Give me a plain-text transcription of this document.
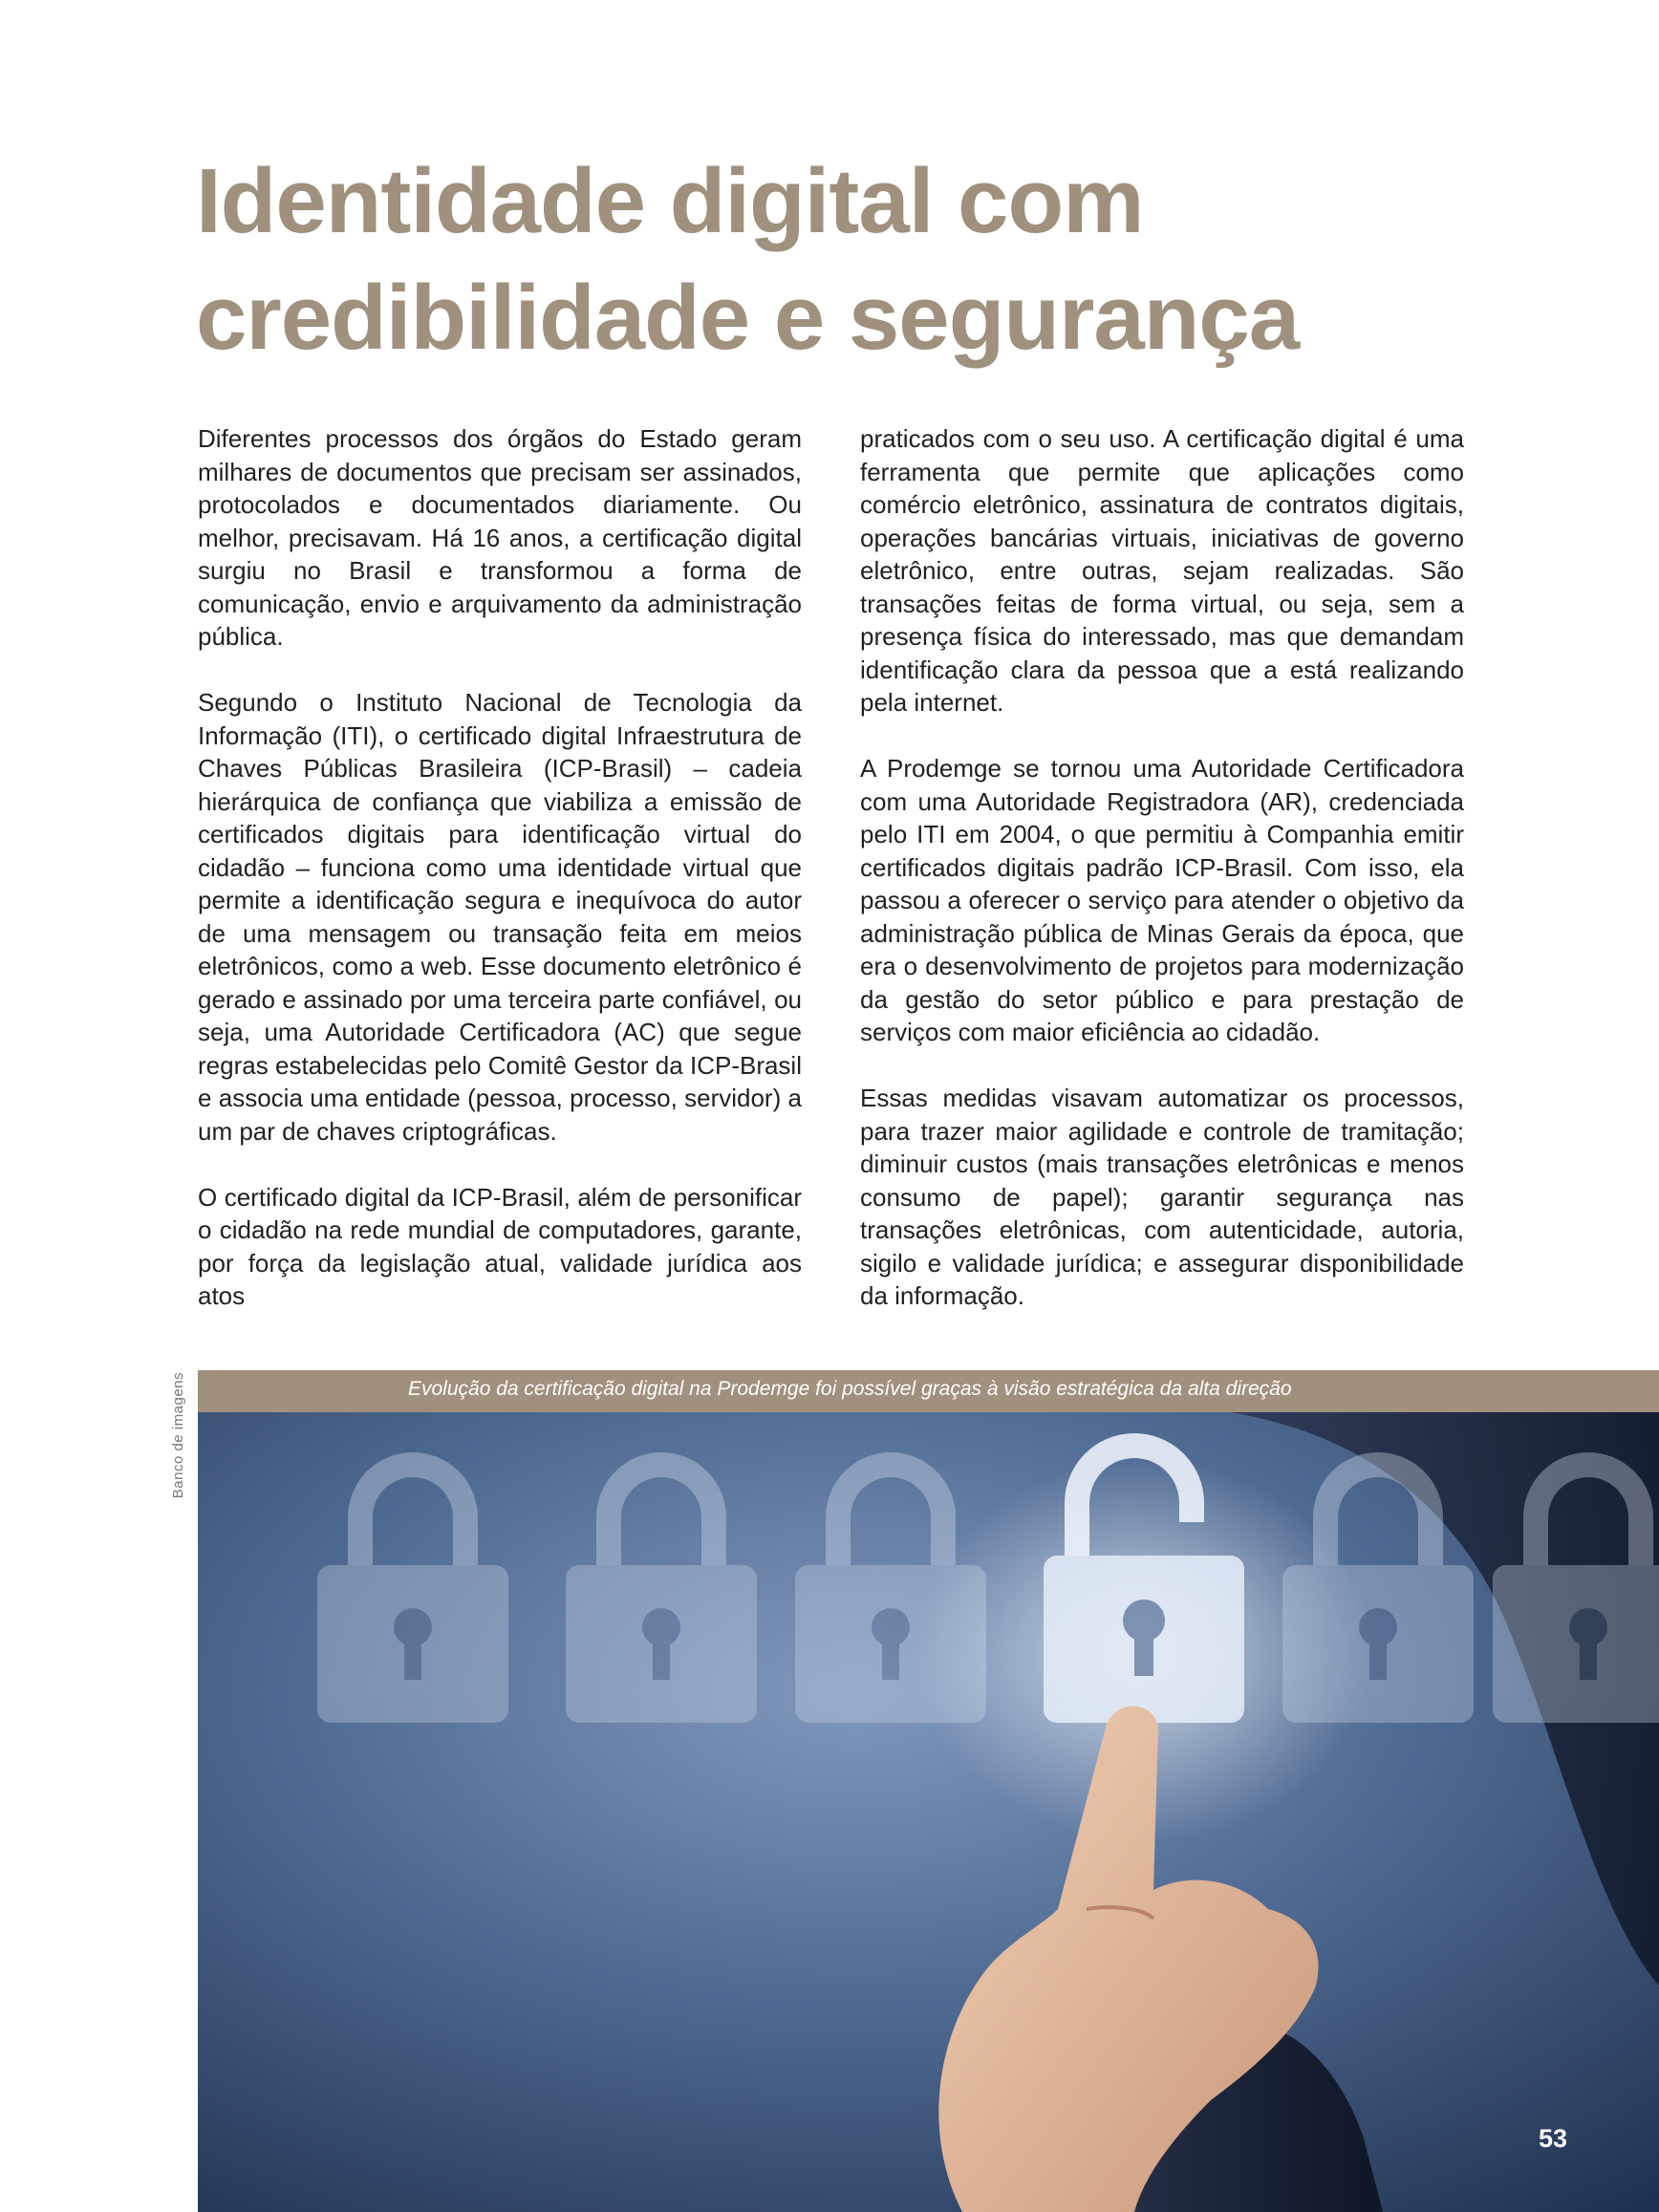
Identidade digital com
credibilidade e segurança

Diferentes processos dos órgãos do Estado geram milhares de documentos que precisam ser assinados, protocolados e documentados diariamente. Ou melhor, precisavam. Há 16 anos, a certificação digital surgiu no Brasil e transformou a forma de comunicação, envio e arquivamento da administração pública.

Segundo o Instituto Nacional de Tecnologia da Informação (ITI), o certificado digital Infraestrutura de Chaves Públicas Brasileira (ICP-Brasil) – cadeia hierárquica de confiança que viabiliza a emissão de certificados digitais para identificação virtual do cidadão – funciona como uma identidade virtual que permite a identificação segura e inequívoca do autor de uma mensagem ou transação feita em meios eletrônicos, como a web. Esse documento eletrônico é gerado e assinado por uma terceira parte confiável, ou seja, uma Autoridade Certificadora (AC) que segue regras estabelecidas pelo Comitê Gestor da ICP-Brasil e associa uma entidade (pessoa, processo, servidor) a um par de chaves criptográficas.

O certificado digital da ICP-Brasil, além de personificar o cidadão na rede mundial de computadores, garante, por força da legislação atual, validade jurídica aos atos

praticados com o seu uso. A certificação digital é uma ferramenta que permite que aplicações como comércio eletrônico, assinatura de contratos digitais, operações bancárias virtuais, iniciativas de governo eletrônico, entre outras, sejam realizadas. São transações feitas de forma virtual, ou seja, sem a presença física do interessado, mas que demandam identificação clara da pessoa que a está realizando pela internet.

A Prodemge se tornou uma Autoridade Certificadora com uma Autoridade Registradora (AR), credenciada pelo ITI em 2004, o que permitiu à Companhia emitir certificados digitais padrão ICP-Brasil. Com isso, ela passou a oferecer o serviço para atender o objetivo da administração pública de Minas Gerais da época, que era o desenvolvimento de projetos para modernização da gestão do setor público e para prestação de serviços com maior eficiência ao cidadão.

Essas medidas visavam automatizar os processos, para trazer maior agilidade e controle de tramitação; diminuir custos (mais transações eletrônicas e menos consumo de papel); garantir segurança nas transações eletrônicas, com autenticidade, autoria, sigilo e validade jurídica; e assegurar disponibilidade da informação.

Banco de imagens	Evolução da certificação digital na Prodemge foi possível graças à visão estratégica da alta direção
53
